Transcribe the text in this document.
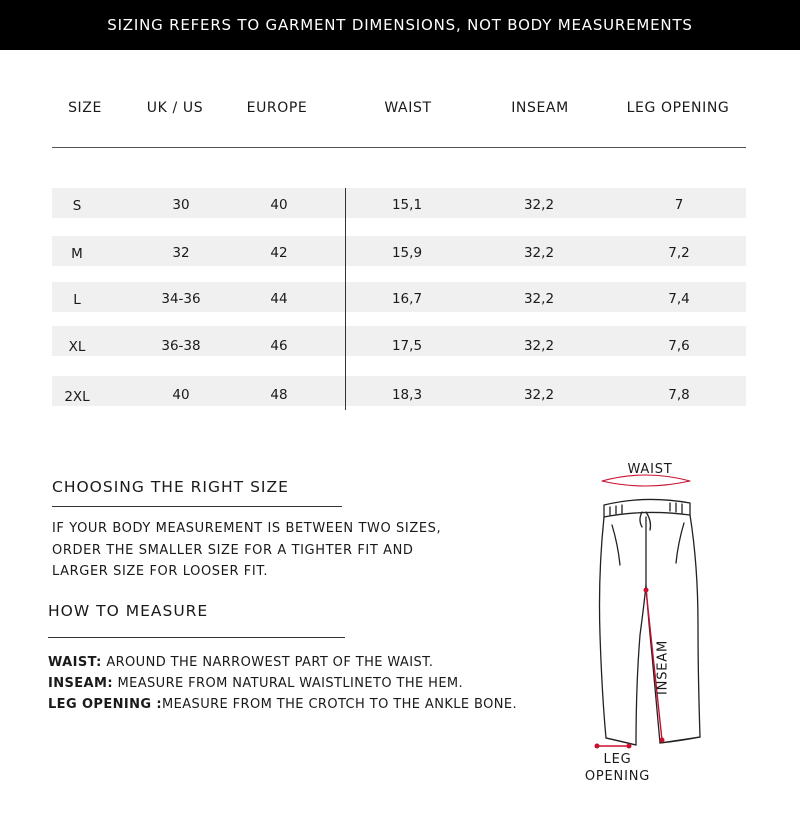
SIZING REFERS TO GARMENT DIMENSIONS, NOT BODY MEASUREMENTS
SIZE	UK / US	EUROPE	WAIST	INSEAM	LEG OPENING
S	30	40	15,1	32,2	7
M	32	42	15,9	32,2	7,2
L	34-36	44	16,7	32,2	7,4
XL	36-38	46	17,5	32,2	7,6
2XL	40	48	18,3	32,2	7,8
CHOOSING THE RIGHT SIZE
IF YOUR BODY MEASUREMENT IS BETWEEN TWO SIZES,
ORDER THE SMALLER SIZE FOR A TIGHTER FIT AND
LARGER SIZE FOR LOOSER FIT.
HOW TO MEASURE
WAIST: AROUND THE NARROWEST PART OF THE WAIST.
INSEAM: MEASURE FROM NATURAL WAISTLINETO THE HEM.
LEG OPENING :MEASURE FROM THE CROTCH TO THE ANKLE BONE.
WAIST
INSEAM
LEG
OPENING
